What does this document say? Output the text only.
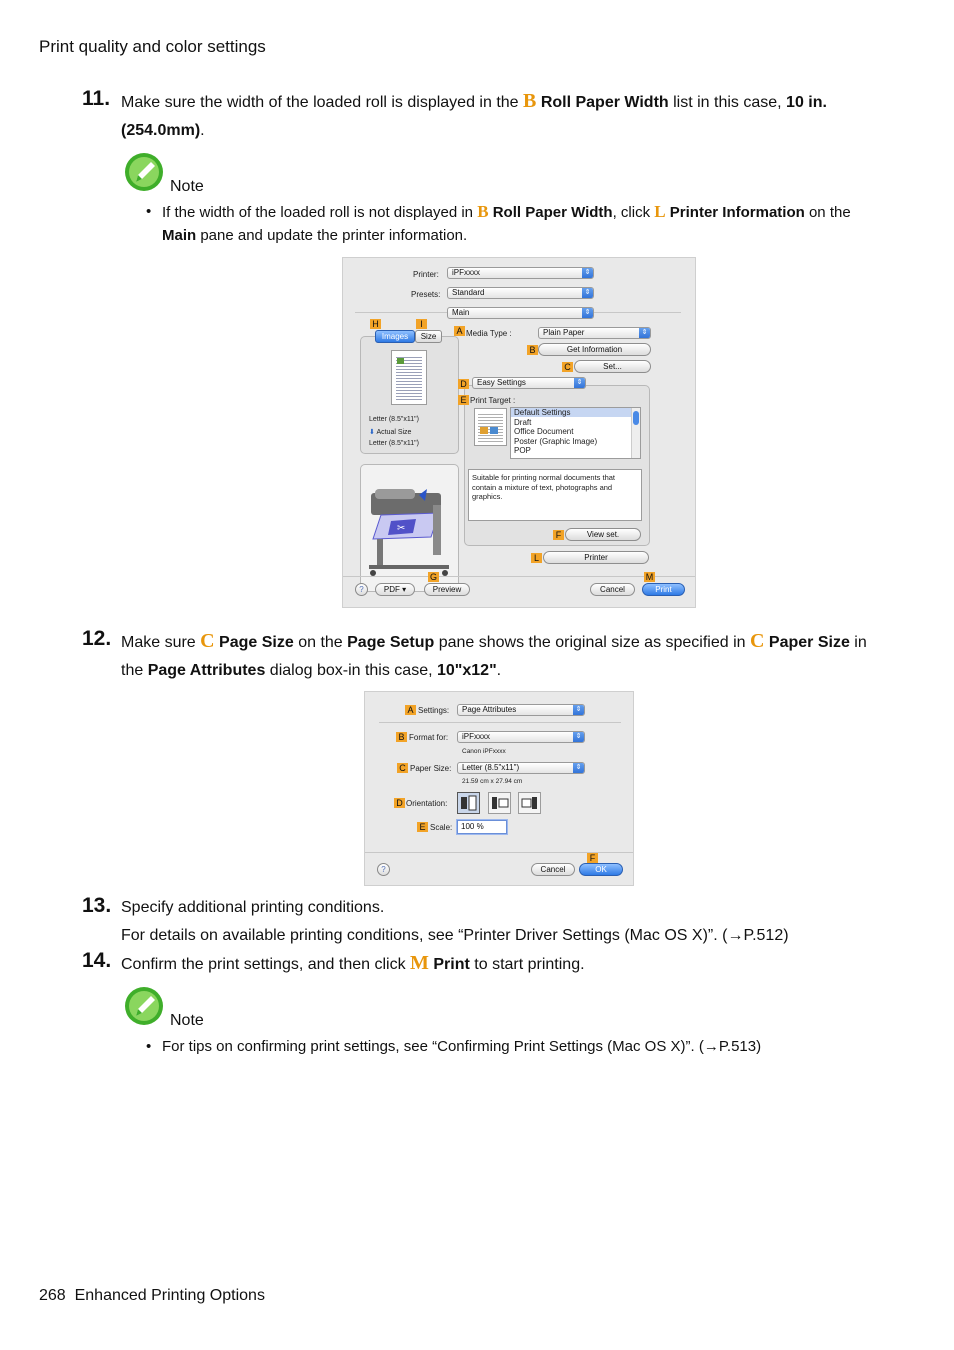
Print quality and color settings
11. Make sure the width of the loaded roll is displayed in the B Roll Paper Width list in this case, 10 in.  (254.0mm).
Note
• If the width of the loaded roll is not displayed in B Roll Paper Width, click L Printer Information on the Main pane and update the printer information.
Printer:	iPFxxxx	⇕
Presets:	Standard	⇕
Main	⇕
H	I
Images	Size
Letter (8.5"x11")
⬇ Actual Size
Letter (8.5"x11")
✂
A Media Type :	Plain Paper	⇕
B	Get Information
C	Set...
D	Easy Settings	⇕
E Print Target :
Default Settings
Draft
Office Document
Poster (Graphic Image)
POP
Suitable for printing normal documents that contain a mixture of text, photographs and graphics.
F	View set.
L	Printer
G	M
?	PDF ▾	Preview	Cancel	Print
12. Make sure C Page Size on the Page Setup pane shows the original size as specified in C Paper Size in the Page Attributes dialog box-in this case, 10"x12".
A Settings:	Page Attributes	⇕
B Format for:	iPFxxxx	⇕
Canon iPFxxxx
C Paper Size:	Letter (8.5"x11")	⇕
21.59 cm x 27.94 cm
D Orientation:
E Scale:	100 %
F
?	Cancel	OK
13. Specify additional printing conditions.
For details on available printing conditions, see “Printer Driver Settings (Mac OS X)”. (→P.512)
14. Confirm the print settings, and then click M Print to start printing.
Note
• For tips on confirming print settings, see “Confirming Print Settings (Mac OS X)”. (→P.513)
268 Enhanced Printing Options
